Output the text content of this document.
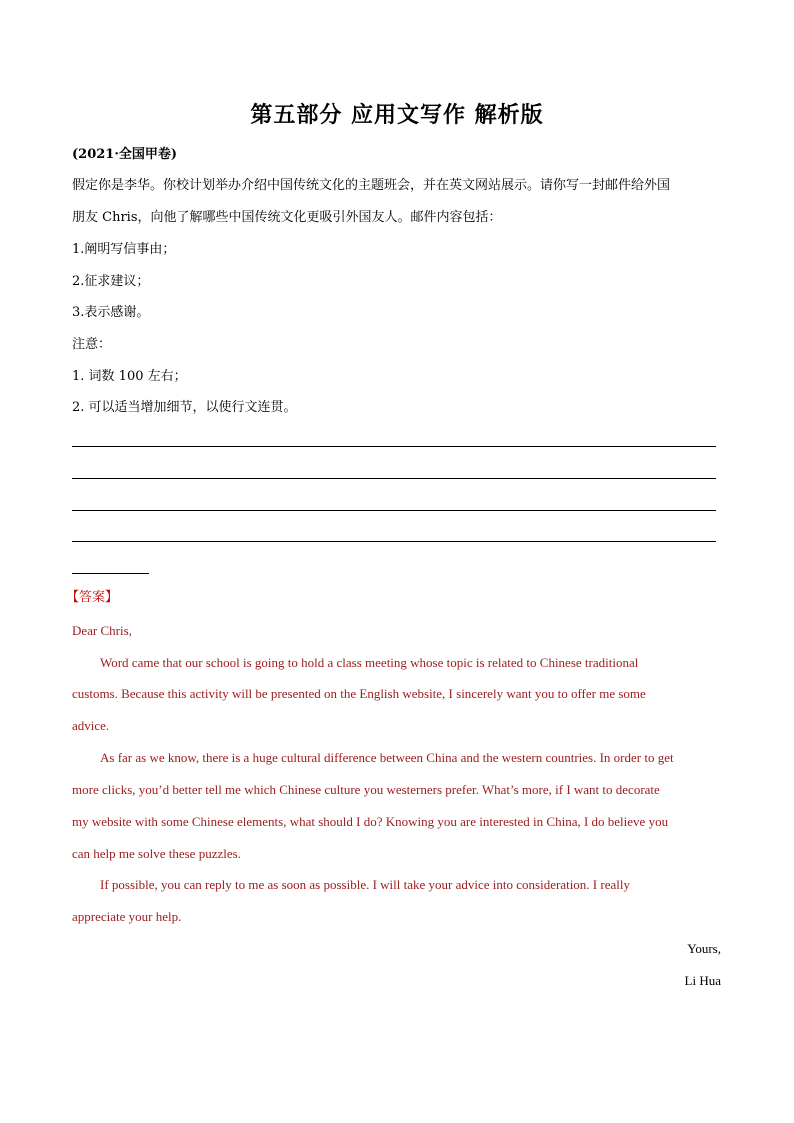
第五部分 应用文写作 解析版
(2021·全国甲卷)
假定你是李华。你校计划举办介绍中国传统文化的主题班会，并在英文网站展示。请你写一封邮件给外国
朋友 Chris，向他了解哪些中国传统文化更吸引外国友人。邮件内容包括：
1.阐明写信事由；
2.征求建议；
3.表示感谢。
注意：
1. 词数 100 左右；
2. 可以适当增加细节，以使行文连贯。
【答案】
Dear Chris,
Word came that our school is going to hold a class meeting whose topic is related to Chinese traditional
customs. Because this activity will be presented on the English website, I sincerely want you to offer me some
advice.
As far as we know, there is a huge cultural difference between China and the western countries. In order to get
more clicks, you’d better tell me which Chinese culture you westerners prefer. What’s more, if I want to decorate
my website with some Chinese elements, what should I do? Knowing you are interested in China, I do believe you
can help me solve these puzzles.
If possible, you can reply to me as soon as possible. I will take your advice into consideration. I really
appreciate your help.
Yours,
Li Hua
